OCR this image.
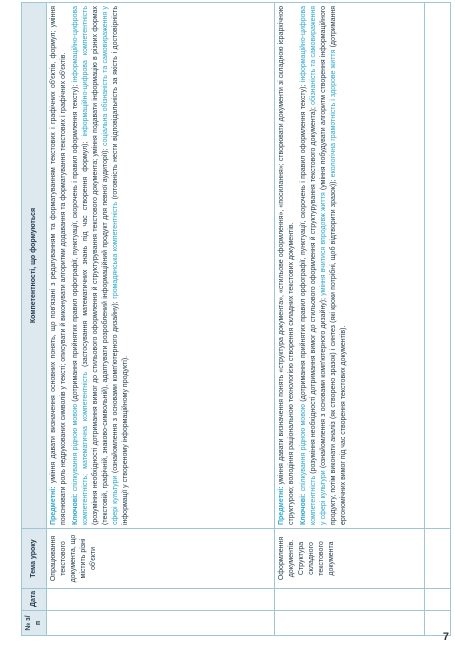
№ з/п	Дата	Тема уроку	Компетентності, що формуються
		Опрацювання текстового документа, що містить різні об'єкти	Предметні: уміння давати визначення основних понять, що пов'язані з редагуванням та форматуванням текстових і графічних об'єктів, формул; уміння пояснювати роль недрукованих символів у тексті; описувати й виконувати алгоритми додавання та форматування текстових і графічних об'єктів. Ключові: спілкування рідною мовою (дотримання прийнятих правил орфографії, пунктуації, скорочень і правил оформлення тексту); інформаційно-цифрова компетентність; математична компетентність (застосування математичних знань під час створення формул); інформаційно-цифрова компетентність (розуміння необхідності дотримання вимог до стильового оформлення й структурування текстового документа; уміння подавати інформацію в різних формах (текстовій, графічній, знаково-символьній), адаптувати розроблений інформаційний продукт для певної аудиторії); соціальна обізнаність та самовираження у сфері культури (ознайомлення з основами комп'ютерного дизайну); громадянська компетентність (готовність нести відповідальність за якість і достовірність інформації у створеному інформаційному продукті).

		Оформлення документів. Структура складного текстового документа	Предметні: уміння давати визначення понять «структура документа», «стильове оформлення», «посилання»; створювати документи зі складною ієрархічною структурою; володіння раціональною технологією створення складних текстових документів. Ключові: спілкування рідною мовою (дотримання прийнятих правил орфографії, пунктуації, скорочень і правил оформлення тексту); інформаційно-цифрова компетентність (розуміння необхідності дотримання вимог до стильового оформлення й структурування текстового документа); обізнаність та самовираження у сфері культури (ознайомлення з основами комп'ютерного дизайну); уміння вчитися впродовж життя (уміння побудувати алгоритм створення інформаційного продукту, потім виконати аналіз (як створено зразок) і синтез (які кроки потрібні, щоб відтворити зразок)); екологічна грамотність і здорове життя (дотримання ергономічних вимог під час створення текстових документів).

7
